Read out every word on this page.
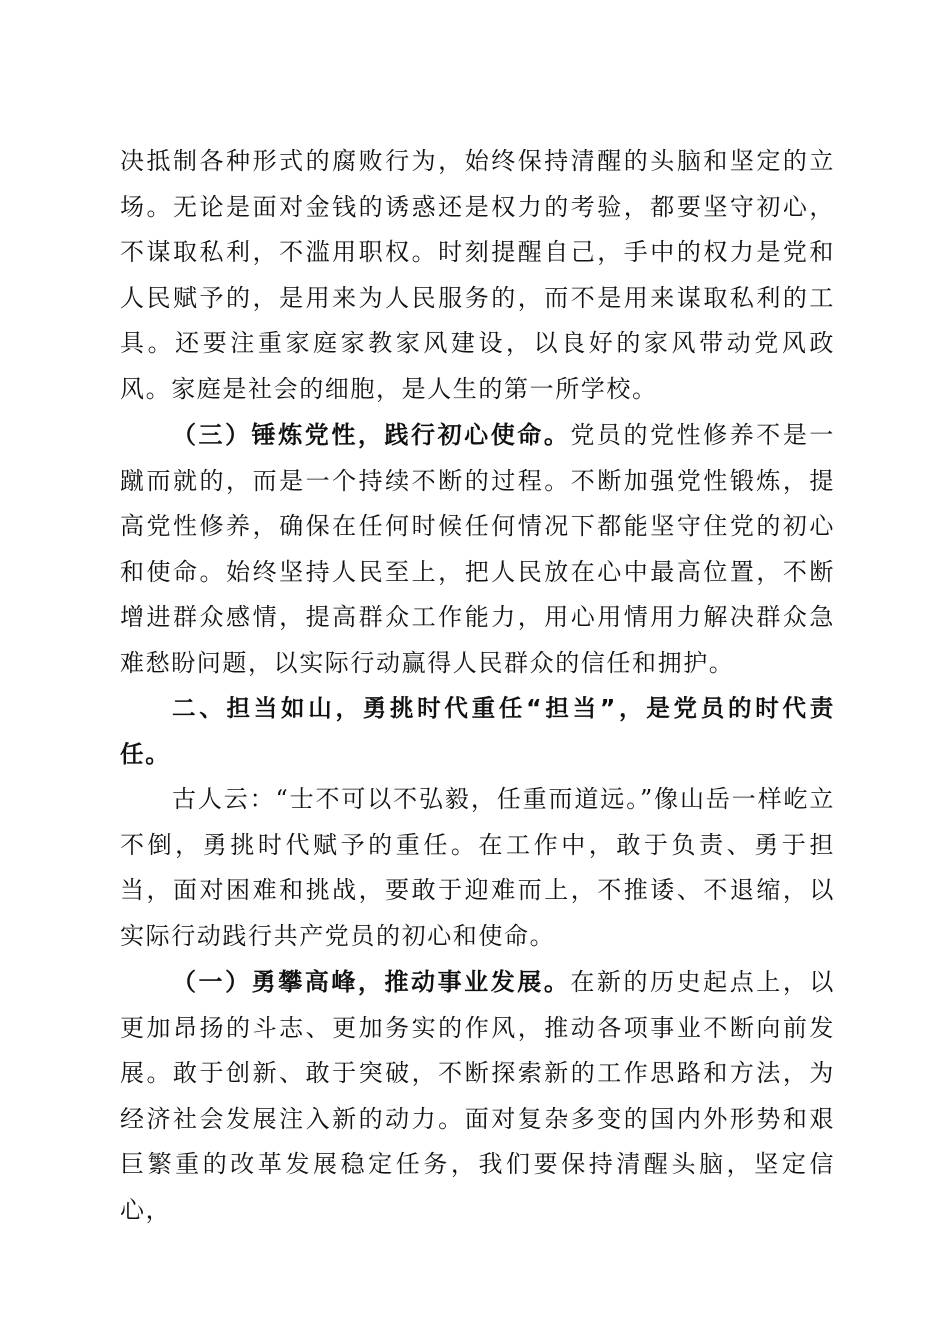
决抵制各种形式的腐败行为，始终保持清醒的头脑和坚定的立场。无论是面对金钱的诱惑还是权力的考验，都要坚守初心，不谋取私利，不滥用职权。时刻提醒自己，手中的权力是党和人民赋予的，是用来为人民服务的，而不是用来谋取私利的工具。还要注重家庭家教家风建设，以良好的家风带动党风政风。家庭是社会的细胞，是人生的第一所学校。

（三）锤炼党性，践行初心使命。党员的党性修养不是一蹴而就的，而是一个持续不断的过程。不断加强党性锻炼，提高党性修养，确保在任何时候任何情况下都能坚守住党的初心和使命。始终坚持人民至上，把人民放在心中最高位置，不断增进群众感情，提高群众工作能力，用心用情用力解决群众急难愁盼问题，以实际行动赢得人民群众的信任和拥护。

二、担当如山，勇挑时代重任“担当”，是党员的时代责任。

古人云：“士不可以不弘毅，任重而道远。”像山岳一样屹立不倒，勇挑时代赋予的重任。在工作中，敢于负责、勇于担当，面对困难和挑战，要敢于迎难而上，不推诿、不退缩，以实际行动践行共产党员的初心和使命。

（一）勇攀高峰，推动事业发展。在新的历史起点上，以更加昂扬的斗志、更加务实的作风，推动各项事业不断向前发展。敢于创新、敢于突破，不断探索新的工作思路和方法，为经济社会发展注入新的动力。面对复杂多变的国内外形势和艰巨繁重的改革发展稳定任务，我们要保持清醒头脑，坚定信心，
